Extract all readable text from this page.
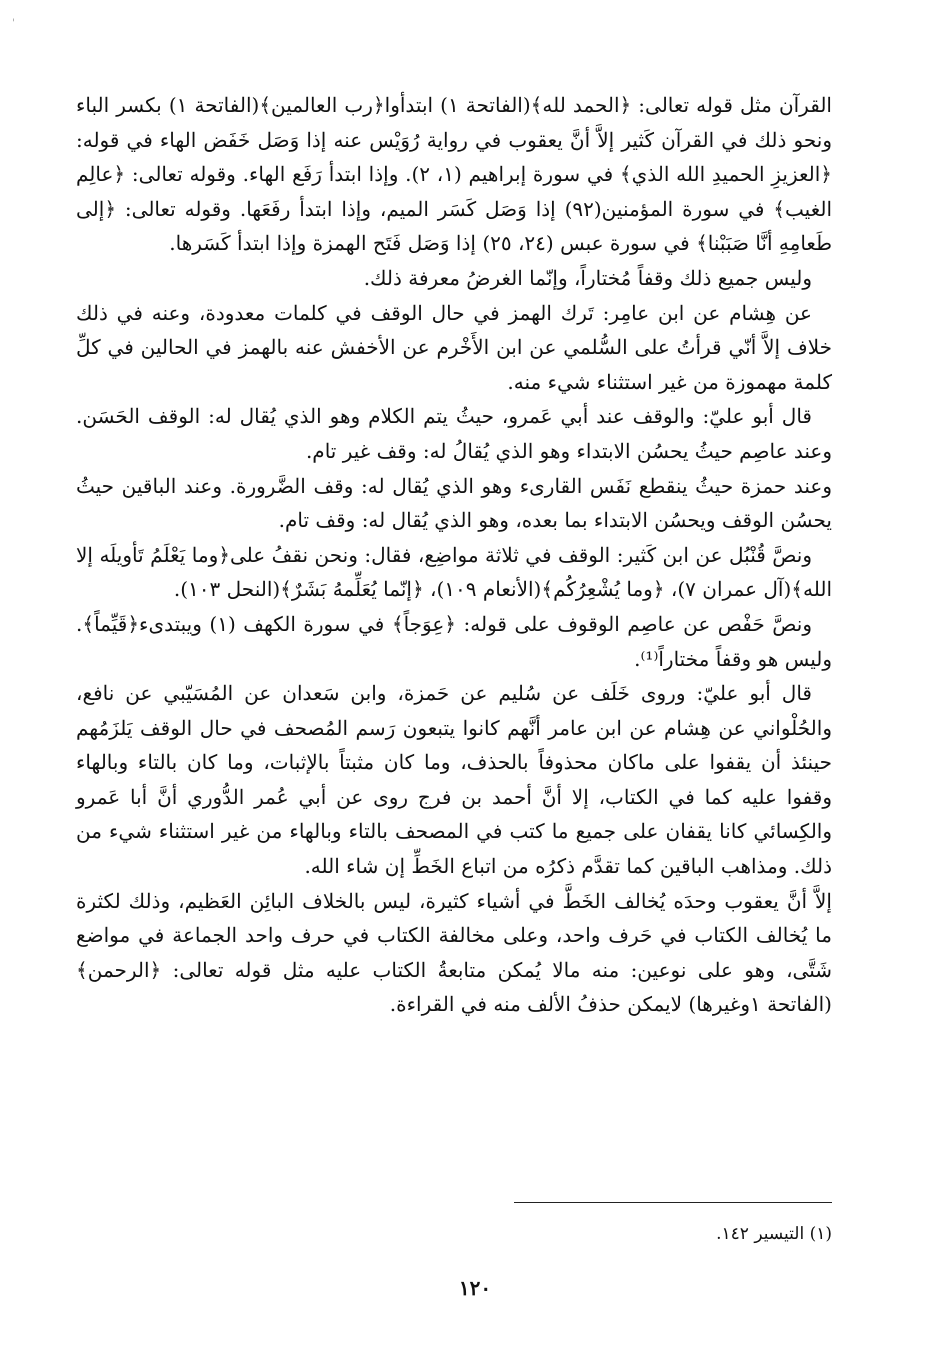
'

القرآن مثل قوله تعالى: ﴿الحمد لله﴾(الفاتحة ١) ابتدأوا﴿رب العالمين﴾(الفاتحة ١) بكسر الباء ونحو ذلك في القرآن كَثير إلاَّ أنَّ يعقوب في رواية رُوَيْس عنه إذا وَصَل خَفَض الهاء في قوله: ﴿العزيزِ الحميدِ الله الذي﴾ في سورة إبراهيم (١، ٢). وإذا ابتدأ رَفَع الهاء. وقوله تعالى: ﴿عالِم الغيب﴾ في سورة المؤمنين(٩٢) إذا وَصَل كَسَر الميم، وإذا ابتدأ رفَعَها. وقوله تعالى: ﴿إلى طَعامِهِ أنَّا صَبَبْنا﴾ في سورة عبس (٢٤، ٢٥) إذا وَصَل فَتَح الهمزة وإذا ابتدأ كَسَرها.

وليس جميع ذلك وقفاً مُختاراً، وإنّما الغرضُ معرفة ذلك.

عن هِشام عن ابن عامِر: تَرك الهمز في حال الوقف في كلمات معدودة، وعنه في ذلك خلاف إلاَّ أنّي قرأتُ على السُّلمي عن ابن الأَخْرم عن الأخفش عنه بالهمز في الحالين في كلِّ كلمة مهموزة من غير استثناء شيء منه.

قال أبو عليّ: والوقف عند أبي عَمرو، حيثُ يتم الكلام وهو الذي يُقال له: الوقف الحَسَن. وعند عاصِم حيثُ يحسُن الابتداء وهو الذي يُقالُ له: وقف غير تام.

وعند حمزة حيثُ ينقطع نَفَس القارىء وهو الذي يُقال له: وقف الضَّرورة. وعند الباقين حيثُ يحسُن الوقف ويحسُن الابتداء بما بعده، وهو الذي يُقال له: وقف تام.

ونصَّ قُنْبُل عن ابن كَثير: الوقف في ثلاثة مواضِع، فقال: ونحن نقفُ على﴿وما يَعْلَمُ تَأويلَه إلا الله﴾(آل عمران ٧)، ﴿وما يُشْعِرُكُم﴾(الأنعام ١٠٩)، ﴿إنّما يُعَلِّمهُ بَشَرٌ﴾(النحل ١٠٣).

ونصَّ حَفْص عن عاصِم الوقوف على قوله: ﴿عِوَجاً﴾ في سورة الكهف (١) ويبتدىء﴿قَيِّماً﴾. وليس هو وقفاً مختاراً⁽¹⁾.

قال أبو عليّ: وروى خَلَف عن سُليم عن حَمزة، وابن سَعدان عن المُسَيّبي عن نافع، والحُلْواني عن هِشام عن ابن عامر أنَّهم كانوا يتبعون رَسم المُصحف في حال الوقف يَلزَمُهم حينئذ أن يقفوا على ماكان محذوفاً بالحذف، وما كان مثبتاً بالإثبات، وما كان بالتاء وبالهاء وقفوا عليه كما في الكتاب، إلا أنَّ أحمد بن فرج روى عن أبي عُمر الدُّوري أنَّ أبا عَمرو والكِسائي كانا يقفان على جميع ما كتب في المصحف بالتاء وبالهاء من غير استثناء شيء من ذلك. ومذاهب الباقين كما تقدَّم ذكرُه من اتباع الخَطِّ إن شاء الله.

إلاَّ أنَّ يعقوب وحدَه يُخالف الخَطَّ في أشياء كثيرة، ليس بالخلاف البائِن العَظيم، وذلك لكثرة ما يُخالف الكتاب في حَرف واحد، وعلى مخالفة الكتاب في حرف واحد الجماعة في مواضع شَتَّى، وهو على نوعين: منه مالا يُمكن متابعةُ الكتاب عليه مثل قوله تعالى: ﴿الرحمن﴾(الفاتحة ١وغيرها) لايمكن حذفُ الألف منه في القراءة.

(١) التيسير ١٤٢.
١٢٠
